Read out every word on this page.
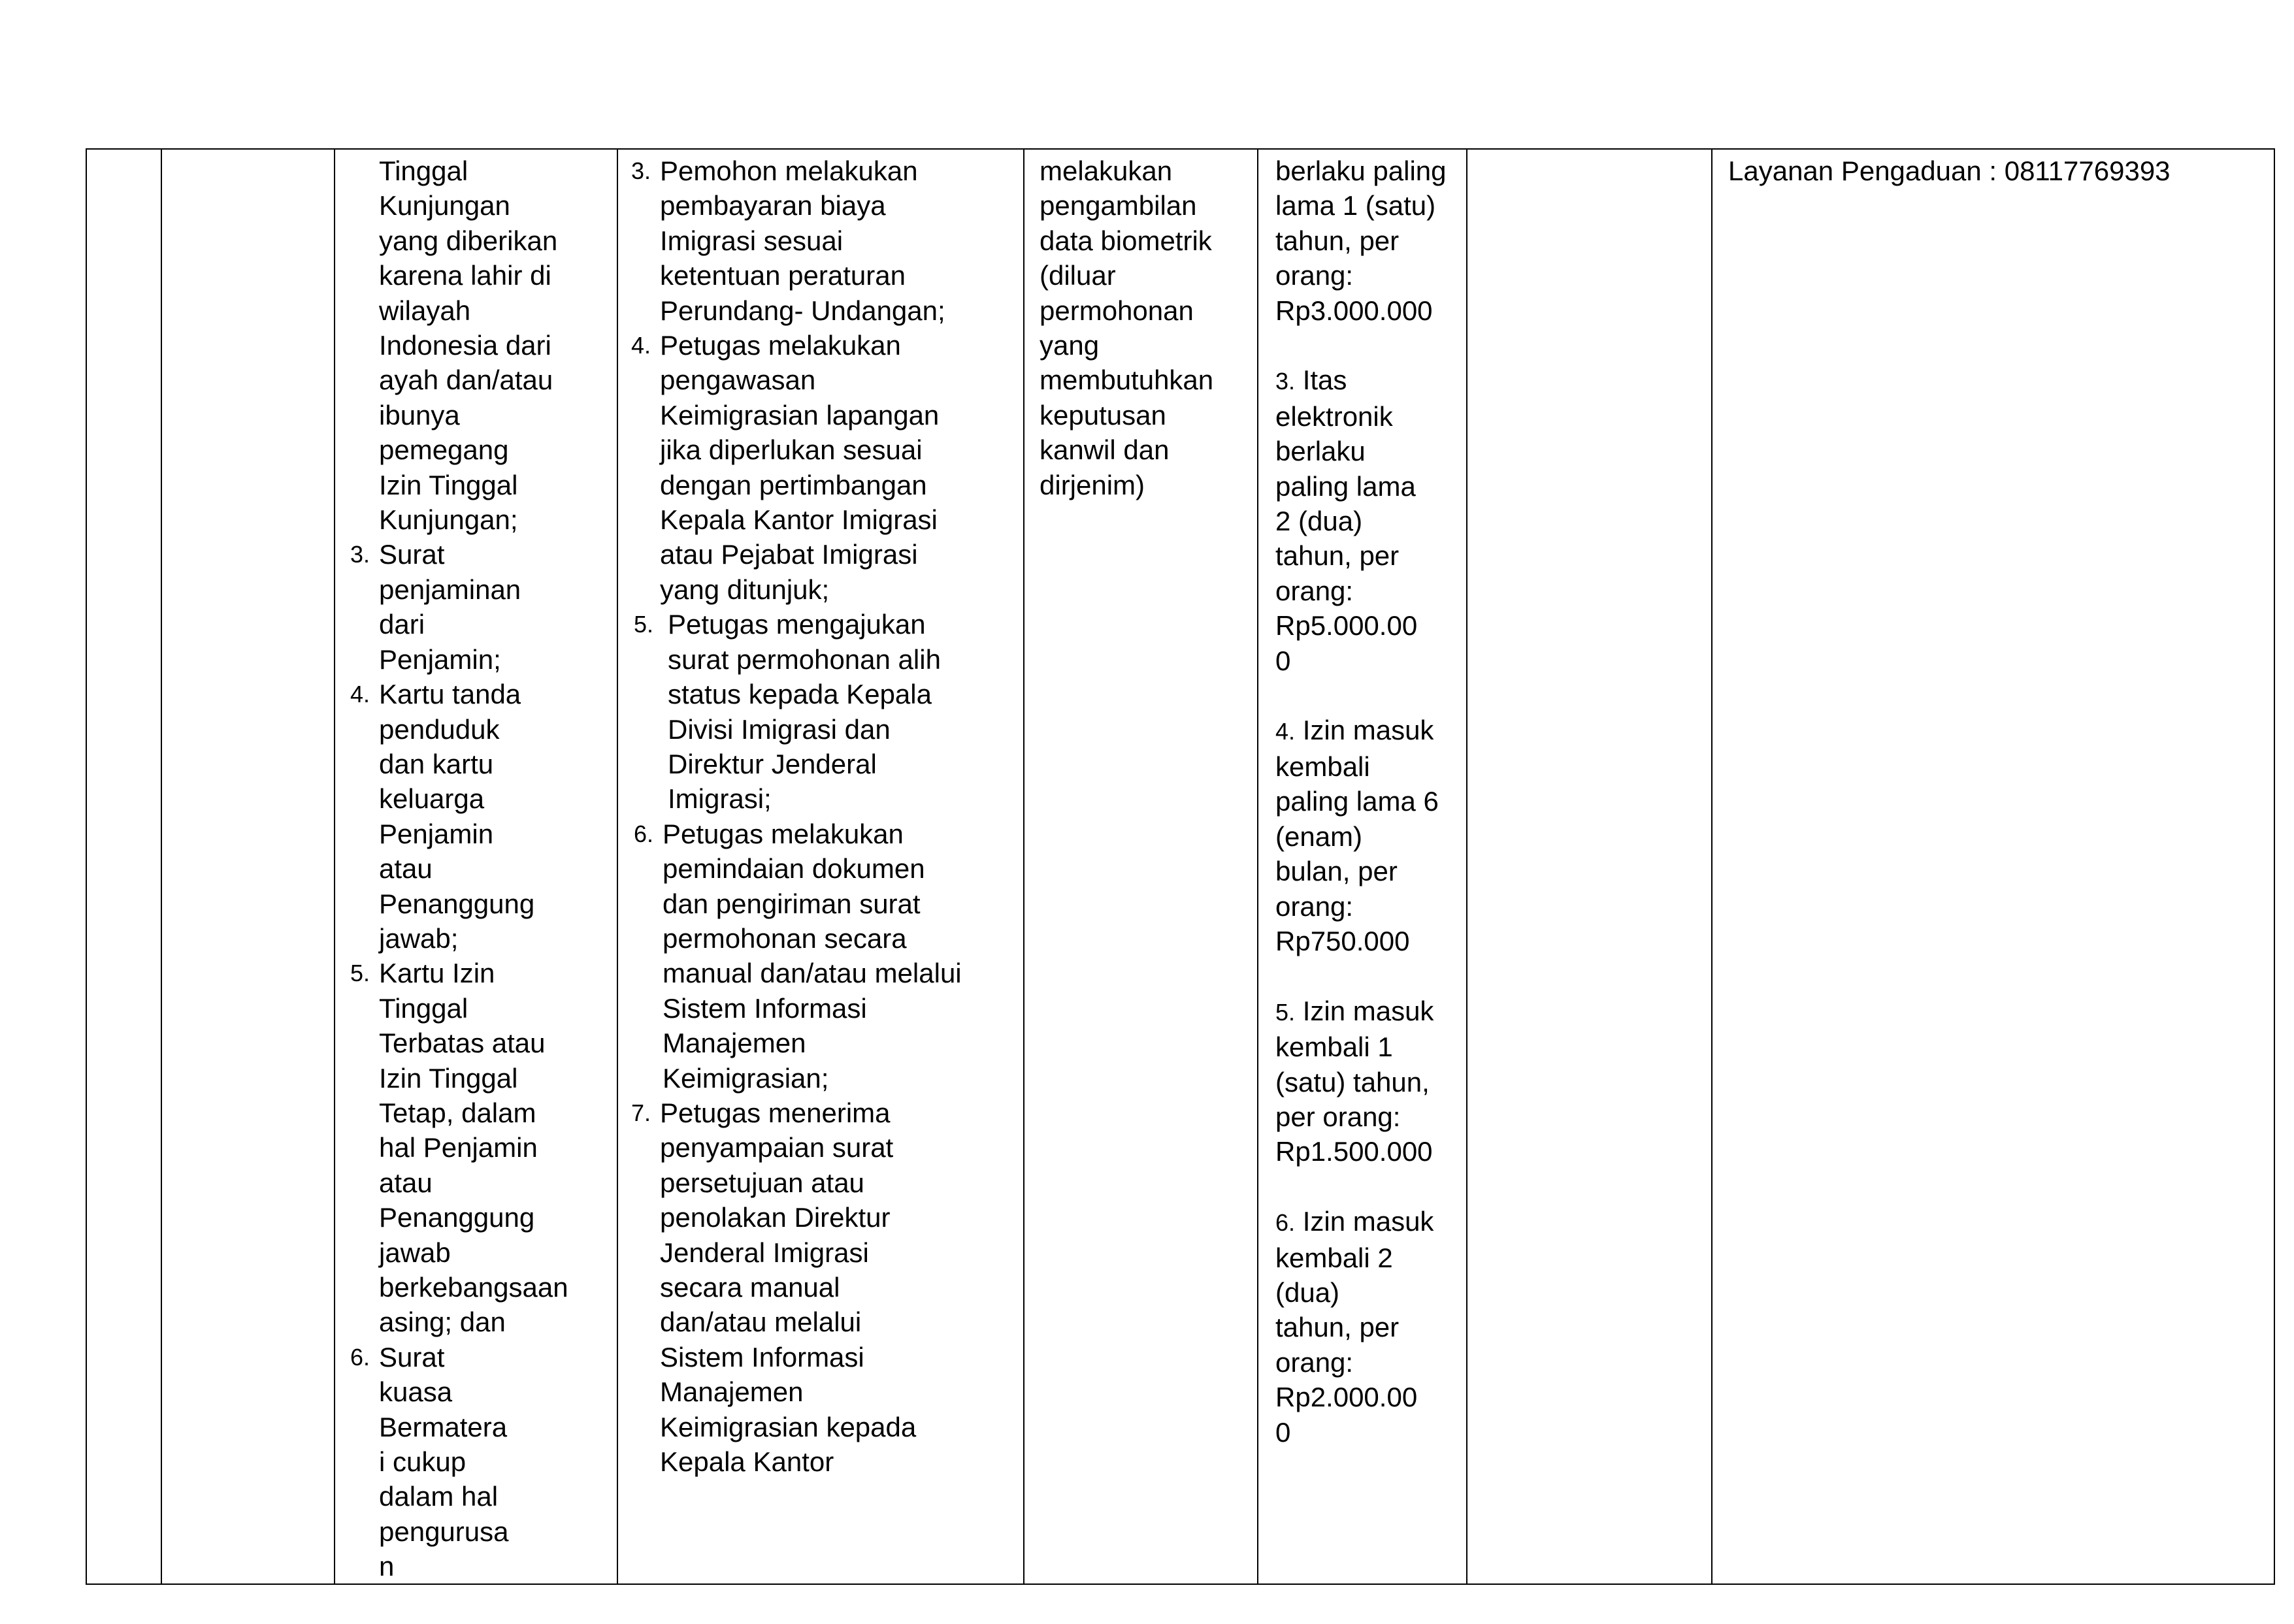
Tinggal
Kunjungan
yang diberikan
karena lahir di
wilayah
Indonesia dari
ayah dan/atau
ibunya
pemegang
Izin Tinggal
Kunjungan;
3. Surat
penjaminan
dari
Penjamin;
4. Kartu tanda
penduduk
dan kartu
keluarga
Penjamin
atau
Penanggung
jawab;
5. Kartu Izin
Tinggal
Terbatas atau
Izin Tinggal
Tetap, dalam
hal Penjamin
atau
Penanggung
jawab
berkebangsaan
asing; dan
6. Surat
kuasa
Bermatera
i cukup
dalam hal
pengurusa
n
3. Pemohon melakukan
pembayaran biaya
Imigrasi sesuai
ketentuan peraturan
Perundang- Undangan;
4. Petugas melakukan
pengawasan
Keimigrasian lapangan
jika diperlukan sesuai
dengan pertimbangan
Kepala Kantor Imigrasi
atau Pejabat Imigrasi
yang ditunjuk;
5. Petugas mengajukan
surat permohonan alih
status kepada Kepala
Divisi Imigrasi dan
Direktur Jenderal
Imigrasi;
6. Petugas melakukan
pemindaian dokumen
dan pengiriman surat
permohonan secara
manual dan/atau melalui
Sistem Informasi
Manajemen
Keimigrasian;
7. Petugas menerima
penyampaian surat
persetujuan atau
penolakan Direktur
Jenderal Imigrasi
secara manual
dan/atau melalui
Sistem Informasi
Manajemen
Keimigrasian kepada
Kepala Kantor
melakukan
pengambilan
data biometrik
(diluar
permohonan
yang
membutuhkan
keputusan
kanwil dan
dirjenim)
berlaku paling
lama 1 (satu)
tahun, per
orang:
Rp3.000.000
3. Itas
elektronik
berlaku
paling lama
2 (dua)
tahun, per
orang:
Rp5.000.00
0
4. Izin masuk
kembali
paling lama 6
(enam)
bulan, per
orang:
Rp750.000
5. Izin masuk
kembali 1
(satu) tahun,
per orang:
Rp1.500.000
6. Izin masuk
kembali 2
(dua)
tahun, per
orang:
Rp2.000.00
0
Layanan Pengaduan : 08117769393
